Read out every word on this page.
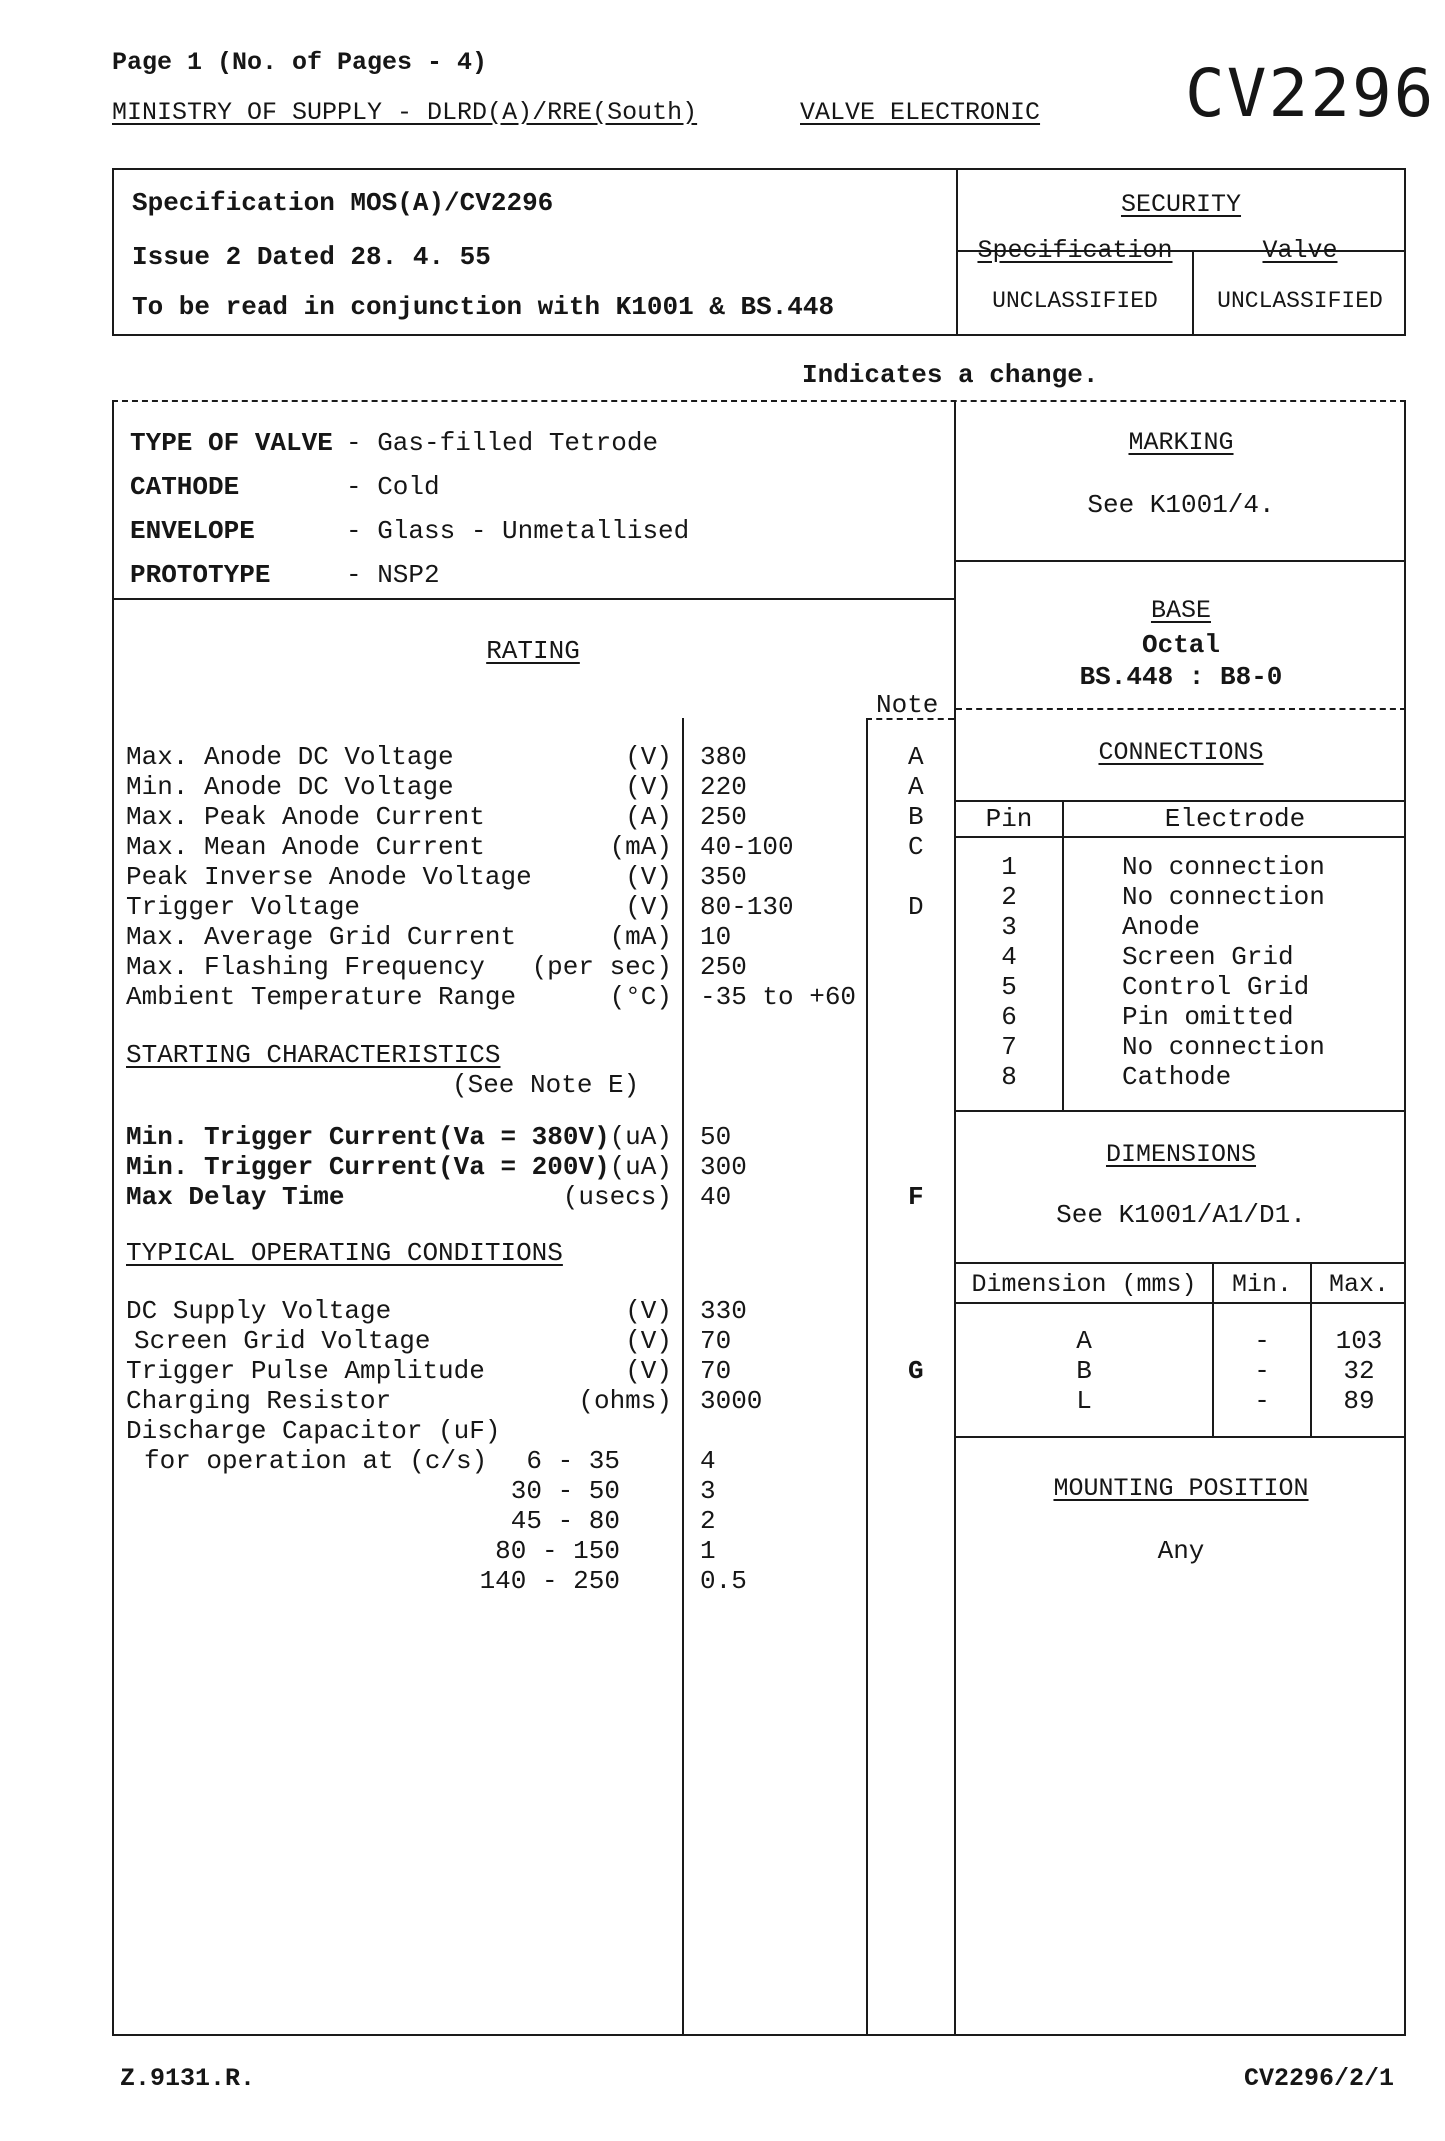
Page 1 (No. of Pages - 4)
MINISTRY OF SUPPLY - DLRD(A)/RRE(South)	VALVE ELECTRONIC CV2296
Specification MOS(A)/CV2296
Issue 2 Dated 28. 4. 55
To be read in conjunction with K1001 & BS.448
SECURITY
Specification	Valve
UNCLASSIFIED	UNCLASSIFIED
Indicates a change.
TYPE OF VALVE - Gas-filled Tetrode
CATHODE	- Cold
ENVELOPE	- Glass - Unmetallised
PROTOTYPE	- NSP2
RATING
Note
Max. Anode DC Voltage	(V) 380	A
Min. Anode DC Voltage	(V) 220	A
Max. Peak Anode Current	(A) 250	B
Max. Mean Anode Current	(mA) 40-100	C
Peak Inverse Anode Voltage	(V) 350
Trigger Voltage	(V) 80-130	D
Max. Average Grid Current	(mA) 10
Max. Flashing Frequency	(per sec) 250
Ambient Temperature Range	(°C) -35 to +60
STARTING CHARACTERISTICS
(See Note E)
Min. Trigger Current(Va = 380V) (uA) 50
Min. Trigger Current(Va = 200V) (uA) 300
Max Delay Time	(usecs) 40	F
TYPICAL OPERATING CONDITIONS
DC Supply Voltage	(V) 330
Screen Grid Voltage	(V) 70
Trigger Pulse Amplitude	(V) 70	G
Charging Resistor	(ohms) 3000
Discharge Capacitor (uF)
for operation at (c/s)	6 - 35	4
30 - 50	3
45 - 80	2
80 - 150	1
140 - 250	0.5
MARKING
See K1001/4.
BASE
Octal
BS.448 : B8-0
CONNECTIONS
Pin	Electrode
1	No connection
2	No connection
3	Anode
4	Screen Grid
5	Control Grid
6	Pin omitted
7	No connection
8	Cathode
DIMENSIONS
See K1001/A1/D1.
Dimension (mms)	Min.	Max.
A	-	103
B	-	32
L	-	89
MOUNTING POSITION
Any
Z.9131.R.	CV2296/2/1
